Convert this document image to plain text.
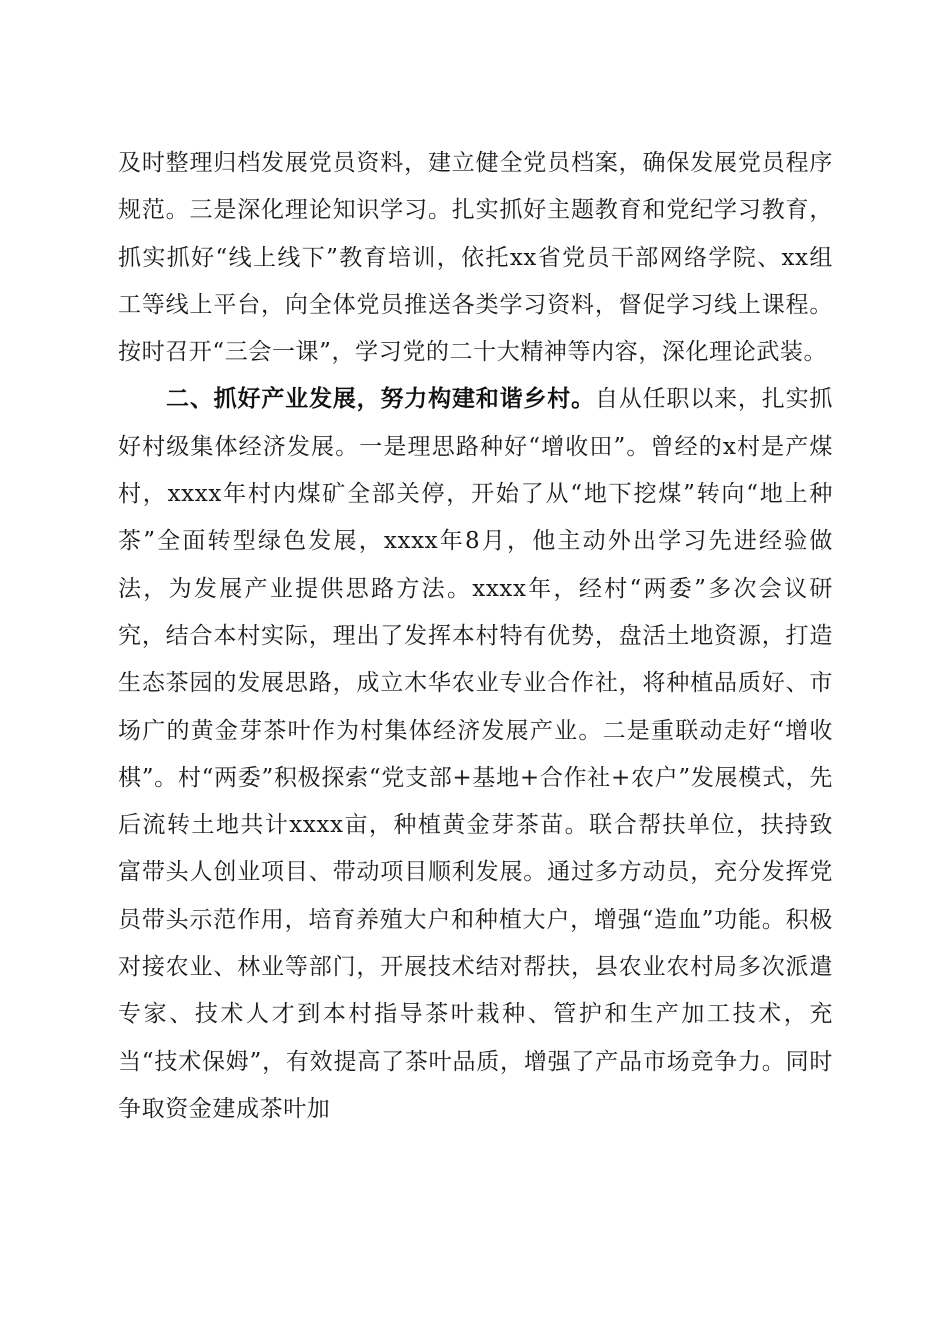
及时整理归档发展党员资料，建立健全党员档案，确保发展党员程序规范。三是深化理论知识学习。扎实抓好主题教育和党纪学习教育，抓实抓好“线上线下”教育培训，依托xx省党员干部网络学院、xx组工等线上平台，向全体党员推送各类学习资料，督促学习线上课程。按时召开“三会一课”，学习党的二十大精神等内容，深化理论武装。

二、抓好产业发展，努力构建和谐乡村。自从任职以来，扎实抓好村级集体经济发展。一是理思路种好“增收田”。曾经的x村是产煤村，xxxx年村内煤矿全部关停，开始了从“地下挖煤”转向“地上种茶”全面转型绿色发展，xxxx年8月，他主动外出学习先进经验做法，为发展产业提供思路方法。xxxx年，经村“两委”多次会议研究，结合本村实际，理出了发挥本村特有优势，盘活土地资源，打造生态茶园的发展思路，成立木华农业专业合作社，将种植品质好、市场广的黄金芽茶叶作为村集体经济发展产业。二是重联动走好“增收棋”。村“两委”积极探索“党支部+基地+合作社+农户”发展模式，先后流转土地共计xxxx亩，种植黄金芽茶苗。联合帮扶单位，扶持致富带头人创业项目、带动项目顺利发展。通过多方动员，充分发挥党员带头示范作用，培育养殖大户和种植大户，增强“造血”功能。积极对接农业、林业等部门，开展技术结对帮扶，县农业农村局多次派遣专家、技术人才到本村指导茶叶栽种、管护和生产加工技术，充当“技术保姆”，有效提高了茶叶品质，增强了产品市场竞争力。同时争取资金建成茶叶加
